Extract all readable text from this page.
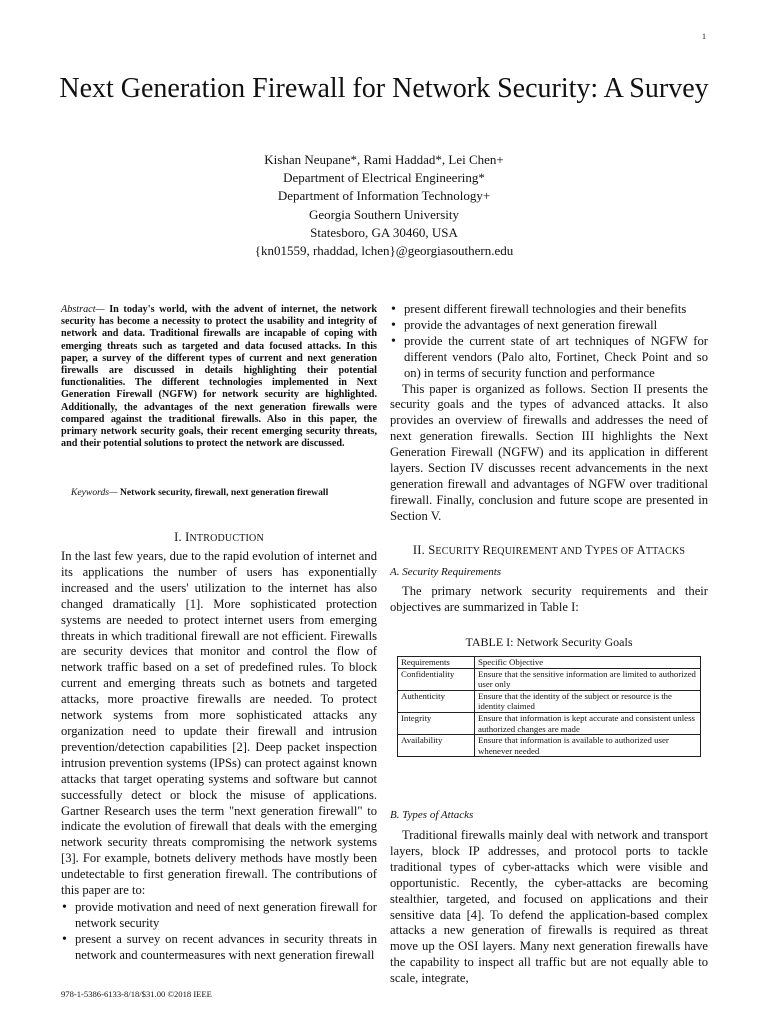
1
Next Generation Firewall for Network Security: A Survey
Kishan Neupane*, Rami Haddad*, Lei Chen+
Department of Electrical Engineering*
Department of Information Technology+
Georgia Southern University
Statesboro, GA 30460, USA
{kn01559, rhaddad, lchen}@georgiasouthern.edu
Abstract— In today's world, with the advent of internet, the network security has become a necessity to protect the usability and integrity of network and data. Traditional firewalls are incapable of coping with emerging threats such as targeted and data focused attacks. In this paper, a survey of the different types of current and next generation firewalls are discussed in details highlighting their potential functionalities. The different technologies implemented in Next Generation Firewall (NGFW) for network security are highlighted. Additionally, the advantages of the next generation firewalls were compared against the traditional firewalls. Also in this paper, the primary network security goals, their recent emerging security threats, and their potential solutions to protect the network are discussed.
Keywords— Network security, firewall, next generation firewall
I. INTRODUCTION

In the last few years, due to the rapid evolution of internet and its applications the number of users has exponentially increased and the users' utilization to the internet has also changed dramatically [1]. More sophisticated protection systems are needed to protect internet users from emerging threats in which traditional firewall are not efficient. Firewalls are security devices that monitor and control the flow of network traffic based on a set of predefined rules. To block current and emerging threats such as botnets and targeted attacks, more proactive firewalls are needed. To protect network systems from more sophisticated attacks any organization need to update their firewall and intrusion prevention/detection capabilities [2]. Deep packet inspection intrusion prevention systems (IPSs) can protect against known attacks that target operating systems and software but cannot successfully detect or block the misuse of applications. Gartner Research uses the term "next generation firewall" to indicate the evolution of firewall that deals with the emerging network security threats compromising the network systems [3]. For example, botnets delivery methods have mostly been undetectable to first generation firewall. The contributions of this paper are to:

• provide motivation and need of next generation firewall for network security
• present a survey on recent advances in security threats in network and countermeasures with next generation firewall
• present different firewall technologies and their benefits
• provide the advantages of next generation firewall
• provide the current state of art techniques of NGFW for different vendors (Palo alto, Fortinet, Check Point and so on) in terms of security function and performance

This paper is organized as follows. Section II presents the security goals and the types of advanced attacks. It also provides an overview of firewalls and addresses the need of next generation firewalls. Section III highlights the Next Generation Firewall (NGFW) and its application in different layers. Section IV discusses recent advancements in the next generation firewall and advantages of NGFW over traditional firewall. Finally, conclusion and future scope are presented in Section V.

II. SECURITY REQUIREMENT AND TYPES OF ATTACKS
A. Security Requirements

The primary network security requirements and their objectives are summarized in Table I:

TABLE I: Network Security Goals
Requirements	Specific Objective
Confidentiality	Ensure that the sensitive information are limited to authorized user only
Authenticity	Ensure that the identity of the subject or resource is the identity claimed
Integrity	Ensure that information is kept accurate and consistent unless authorized changes are made
Availability	Ensure that information is available to authorized user whenever needed
B. Types of Attacks

Traditional firewalls mainly deal with network and transport layers, block IP addresses, and protocol ports to tackle traditional types of cyber-attacks which were visible and opportunistic. Recently, the cyber-attacks are becoming stealthier, targeted, and focused on applications and their sensitive data [4]. To defend the application-based complex attacks a new generation of firewalls is required as threat move up the OSI layers. Many next generation firewalls have the capability to inspect all traffic but are not equally able to scale, integrate,

978-1-5386-6133-8/18/$31.00 ©2018 IEEE
